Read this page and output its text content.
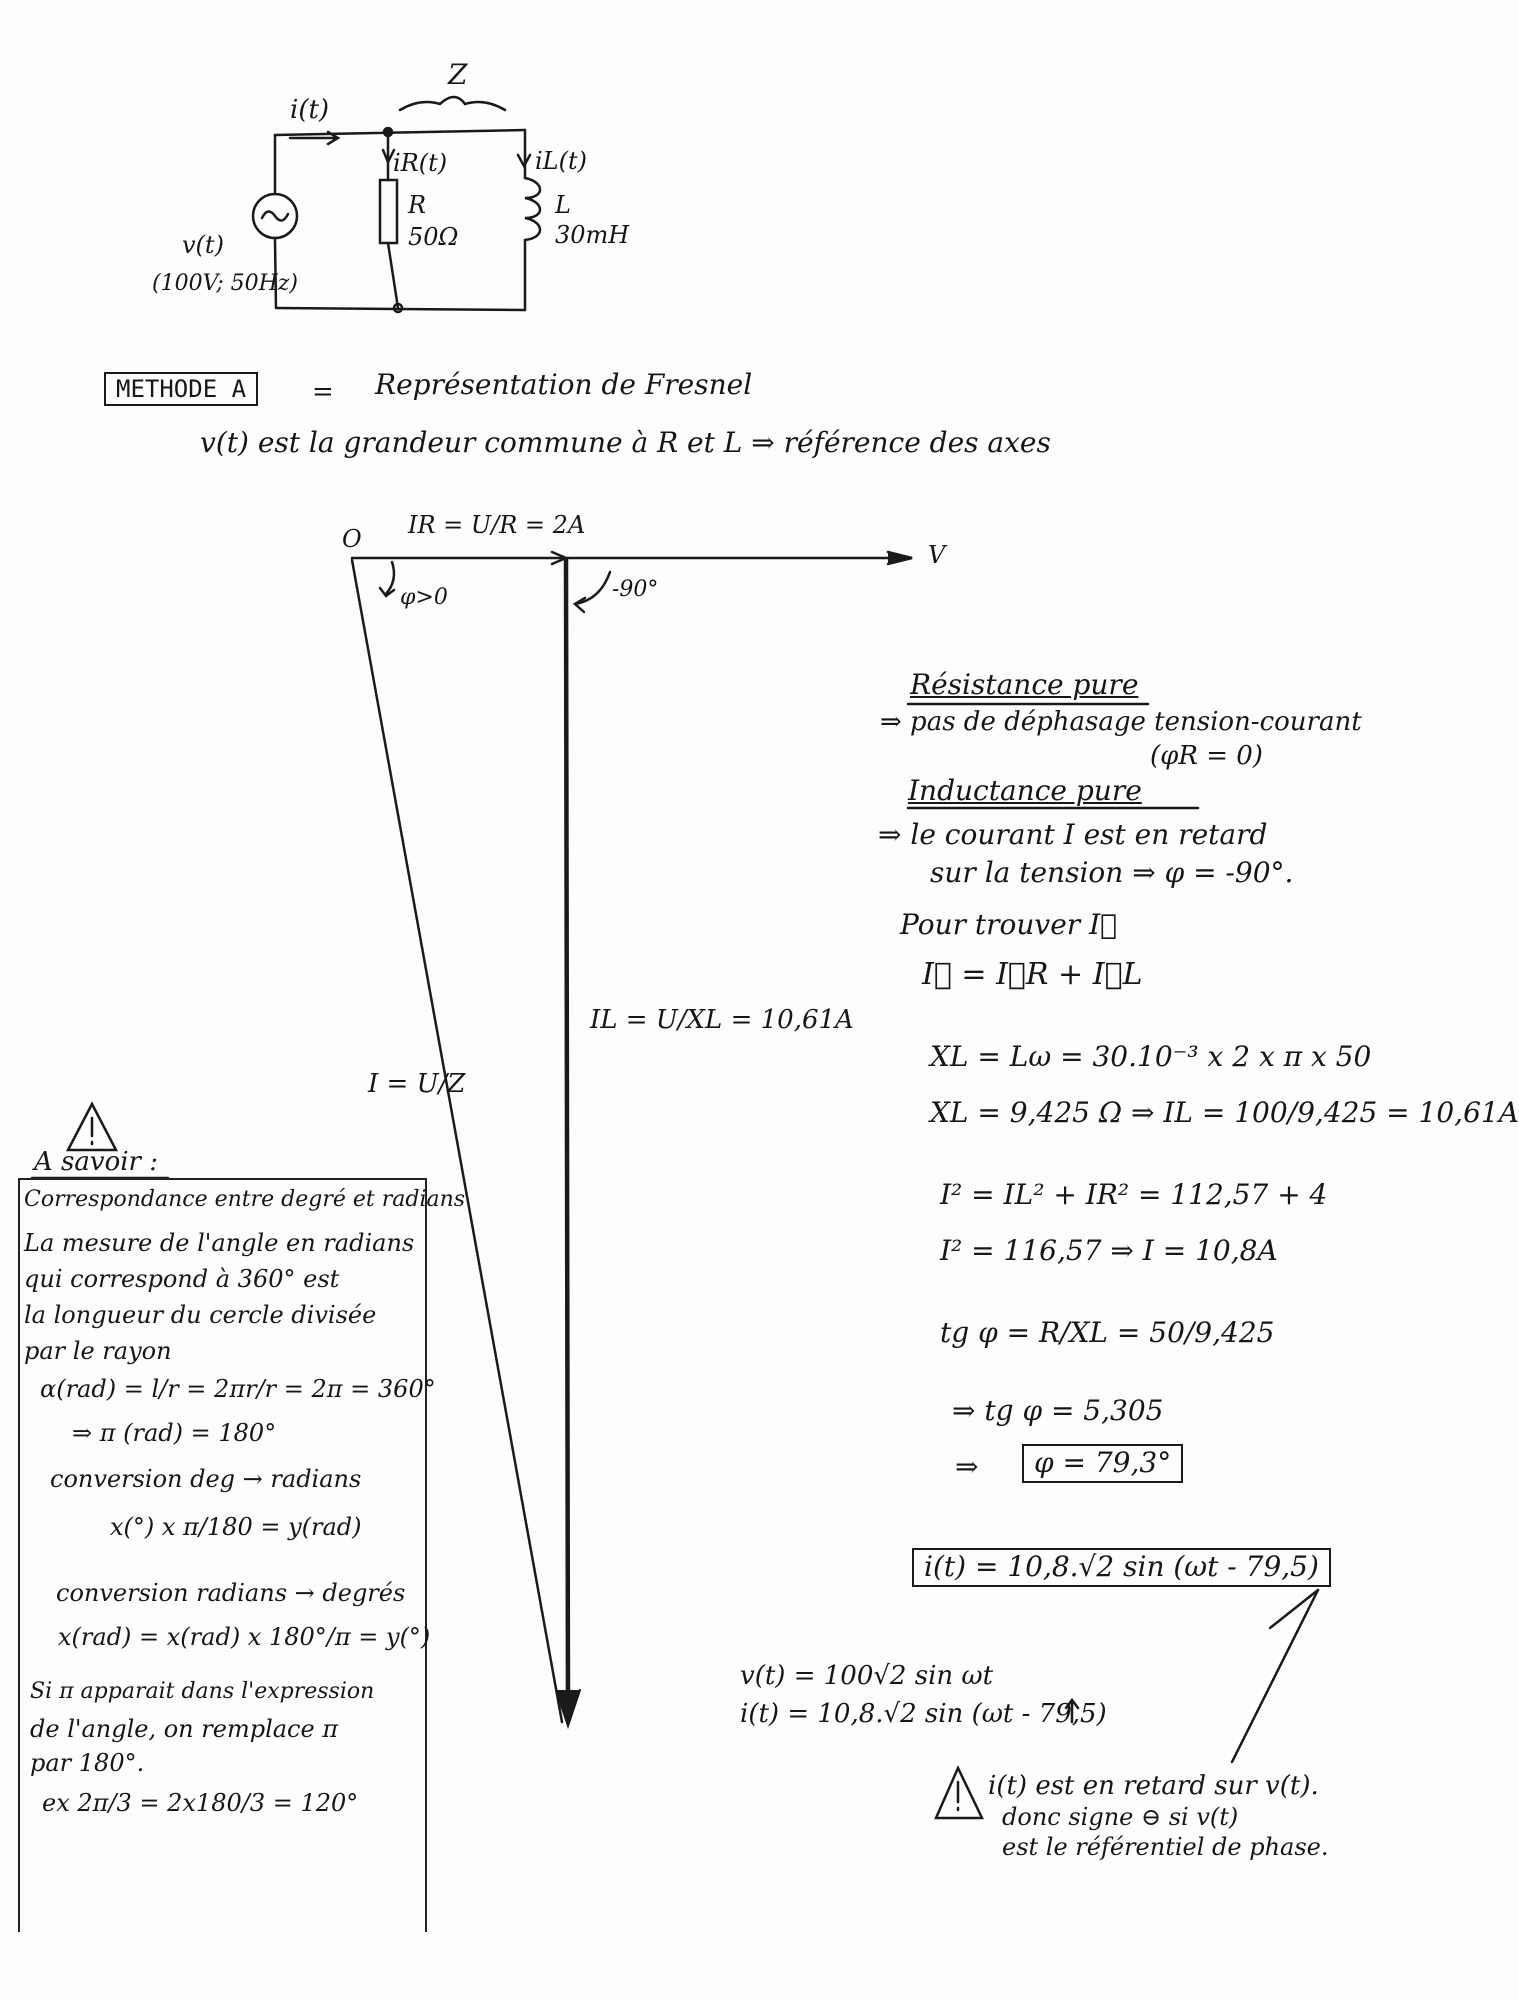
Z
i(t)
iR(t)	iL(t)
v(t)
(100V; 50Hz)
R
50Ω
L
30mH
METHODE A	= Représentation de Fresnel
v(t) est la grandeur commune à R et L ⇒ référence des axes
O IR = U/R = 2A
V
φ>0	-90°
IL = U/XL = 10,61A
I = U/Z
Résistance pure
⇒ pas de déphasage tension-courant
(φR = 0)
Inductance pure
⇒ le courant I est en retard
sur la tension ⇒ φ = -90°.
Pour trouver I⃗
I⃗ = I⃗R + I⃗L
XL = Lω = 30.10⁻³ x 2 x π x 50
XL = 9,425 Ω ⇒ IL = 100/9,425 = 10,61A
I² = IL² + IR² = 112,57 + 4
I² = 116,57 ⇒ I = 10,8A
tg φ = R/XL = 50/9,425
⇒ tg φ = 5,305
⇒	φ = 79,3°
i(t) = 10,8.√2 sin (ωt - 79,5)
v(t) = 100√2 sin ωt
i(t) = 10,8.√2 sin (ωt - 79,5)
i(t) est en retard sur v(t).
donc signe ⊖ si v(t)
est le référentiel de phase.
A savoir :
Correspondance entre degré et radians
La mesure de l'angle en radians
qui correspond à 360° est
la longueur du cercle divisée
par le rayon
α(rad) = l/r = 2πr/r = 2π = 360°
⇒ π (rad) = 180°
conversion deg → radians
x(°) x π/180 = y(rad)
conversion radians → degrés
x(rad) = x(rad) x 180°/π = y(°)
Si π apparait dans l'expression
de l'angle, on remplace π
par 180°.
ex 2π/3 = 2x180/3 = 120°
